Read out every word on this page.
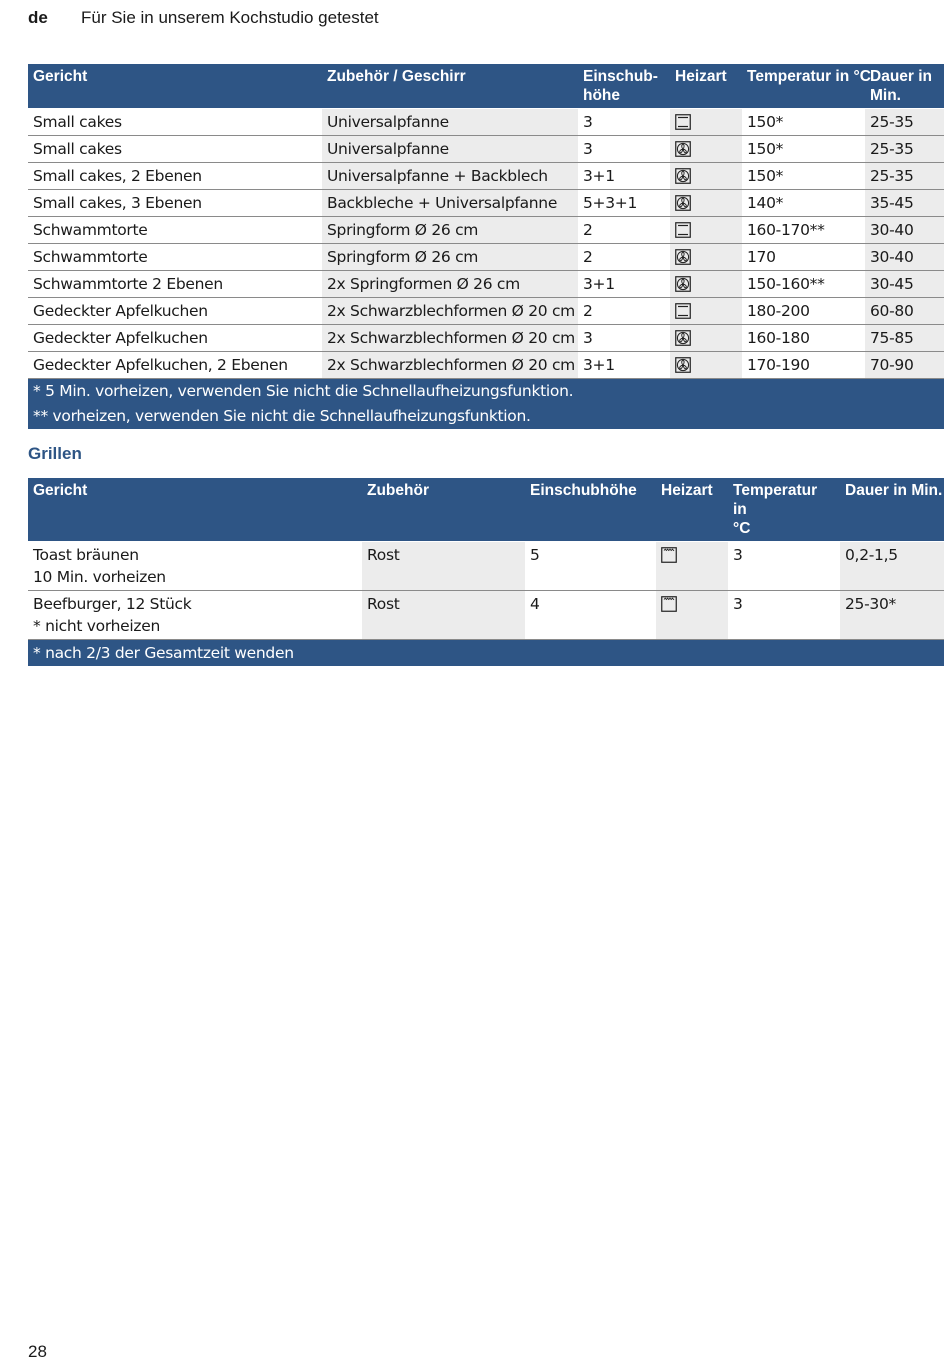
de Für Sie in unserem Kochstudio getestet
Gericht	Zubehör / Geschirr	Einschub-
höhe	Heizart	Temperatur in °C	Dauer in
Min.
Small cakes	Universalpfanne	3		150*	25-35
Small cakes	Universalpfanne	3		150*	25-35
Small cakes, 2 Ebenen	Universalpfanne + Backblech	3+1		150*	25-35
Small cakes, 3 Ebenen	Backbleche + Universalpfanne	5+3+1		140*	35-45
Schwammtorte	Springform Ø 26 cm	2		160-170**	30-40
Schwammtorte	Springform Ø 26 cm	2		170	30-40
Schwammtorte 2 Ebenen	2x Springformen Ø 26 cm	3+1		150-160**	30-45
Gedeckter Apfelkuchen	2x Schwarzblechformen Ø 20 cm	2		180-200	60-80
Gedeckter Apfelkuchen	2x Schwarzblechformen Ø 20 cm	3		160-180	75-85
Gedeckter Apfelkuchen, 2 Ebenen	2x Schwarzblechformen Ø 20 cm	3+1		170-190	70-90
* 5 Min. vorheizen, verwenden Sie nicht die Schnellaufheizungsfunktion.					
** vorheizen, verwenden Sie nicht die Schnellaufheizungsfunktion.					
Grillen
Gericht	Zubehör	Einschubhöhe	Heizart	Temperatur in
°C	Dauer in Min.

Toast bräunen
10 Min. vorheizen	Rost	5		3	0,2-1,5

Beefburger, 12 Stück
* nicht vorheizen	Rost	4		3	25-30*
* nach 2/3 der Gesamtzeit wenden					
28
